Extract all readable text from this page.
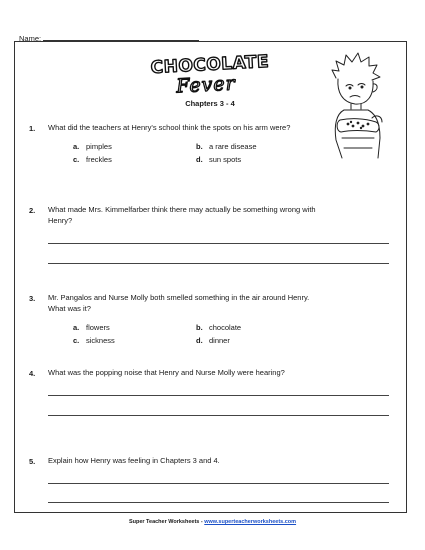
Name:
CHOCOLATE
Fever
Chapters 3 - 4
1. What did the teachers at Henry's school think the spots on his arm were?
a. pimples	b. a rare disease
c. freckles	d. sun spots
2. What made Mrs. Kimmelfarber think there may actually be something wrong with
Henry?
3. Mr. Pangalos and Nurse Molly both smelled something in the air around Henry.
What was it?
a. flowers	b. chocolate
c. sickness	d. dinner
4. What was the popping noise that Henry and Nurse Molly were hearing?
5. Explain how Henry was feeling in Chapters 3 and 4.
Super Teacher Worksheets - www.superteacherworksheets.com
